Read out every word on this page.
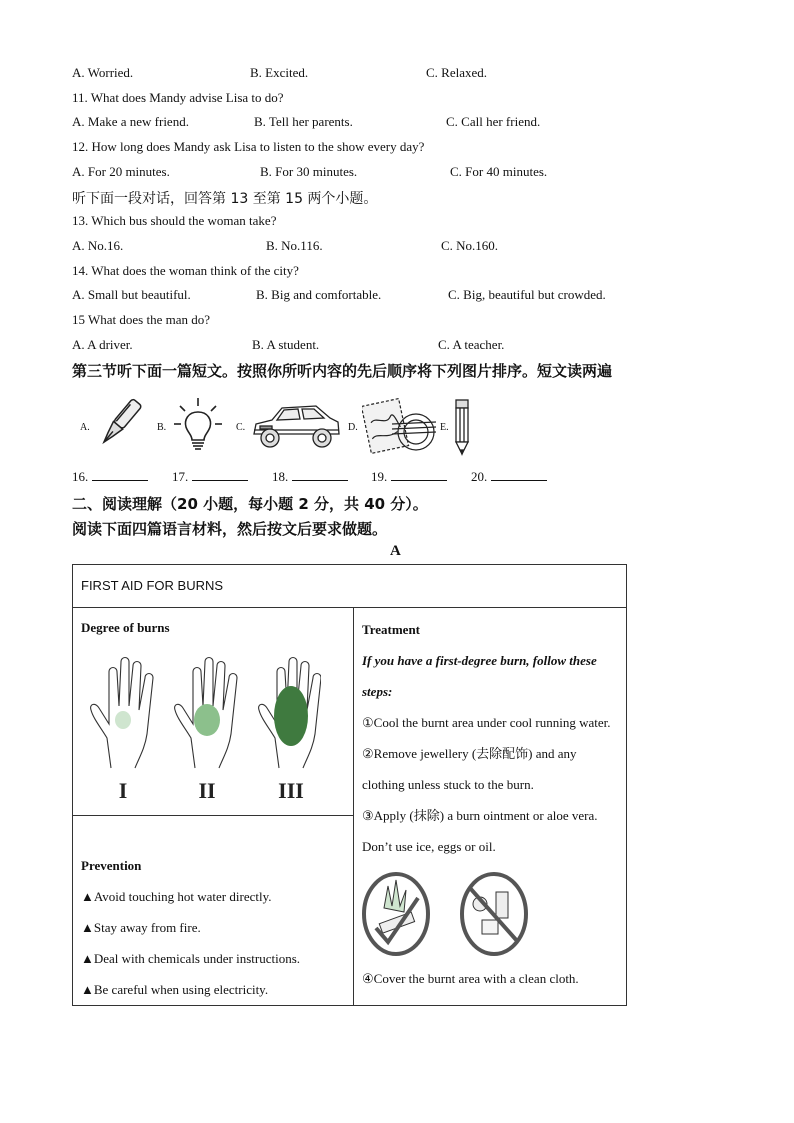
A. Worried.	B. Excited.	C. Relaxed.
11. What does Mandy advise Lisa to do?
A. Make a new friend.	B. Tell her parents.	C. Call her friend.
12. How long does Mandy ask Lisa to listen to the show every day?
A. For 20 minutes.	B. For 30 minutes.	C. For 40 minutes.
听下面一段对话，回答第 13 至第 15 两个小题。
13. Which bus should the woman take?
A. No.16.	B. No.116.	C. No.160.
14. What does the woman think of the city?
A. Small but beautiful.	B. Big and comfortable.	C. Big, beautiful but crowded.
15 What does the man do?
A. A driver.	B. A student.	C. A teacher.
第三节听下面一篇短文。按照你所听内容的先后顺序将下列图片排序。短文读两遍
A.	B.	C.	D.	E.
16.	17.	18.	19.	20.
二、阅读理解（20 小题，每小题 2 分，共 40 分）。
阅读下面四篇语言材料，然后按文后要求做题。
A
FIRST AID FOR BURNS

Degree of burns
I	II	III

Treatment
If you have a first-degree burn, follow these steps:
①Cool the burnt area under cool running water.
②Remove jewellery (去除配饰) and any clothing unless stuck to the burn.
③Apply (抹除) a burn ointment or aloe vera. Don’t use ice, eggs or oil.
④Cover the burnt area with a clean cloth.

Prevention
▲Avoid touching hot water directly.
▲Stay away from fire.
▲Deal with chemicals under instructions.
▲Be careful when using electricity.
